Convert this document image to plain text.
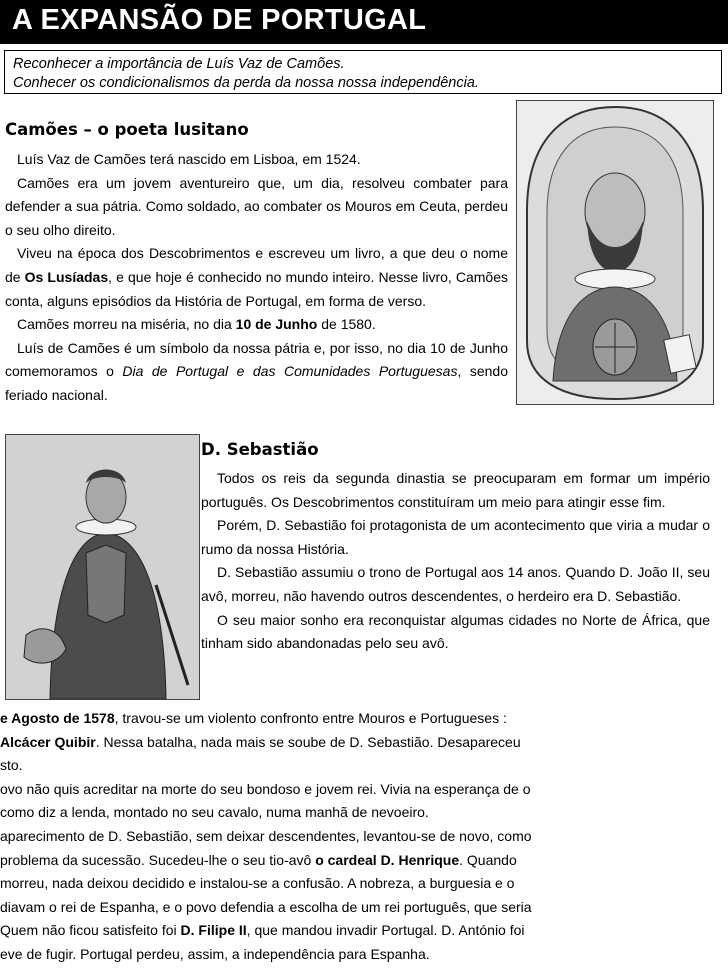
A EXPANSÃO DE PORTUGAL
Reconhecer a importância de Luís Vaz de Camões.
Conhecer os condicionalismos da perda da nossa nossa independência.
Camões – o poeta lusitano

Luís Vaz de Camões terá nascido em Lisboa, em 1524.

Camões era um jovem aventureiro que, um dia, resolveu combater para defender a sua pátria. Como soldado, ao combater os Mouros em Ceuta, perdeu o seu olho direito.

Viveu na época dos Descobrimentos e escreveu um livro, a que deu o nome de Os Lusíadas, e que hoje é conhecido no mundo inteiro. Nesse livro, Camões conta, alguns episódios da História de Portugal, em forma de verso.

Camões morreu na miséria, no dia 10 de Junho de 1580.

Luís de Camões é um símbolo da nossa pátria e, por isso, no dia 10 de Junho comemoramos o Dia de Portugal e das Comunidades Portuguesas, sendo feriado nacional.

D. Sebastião

Todos os reis da segunda dinastia se preocuparam em formar um império português. Os Descobrimentos constituíram um meio para atingir esse fim.

Porém, D. Sebastião foi protagonista de um acontecimento que viria a mudar o rumo da nossa História.

D. Sebastião assumiu o trono de Portugal aos 14 anos. Quando D. João II, seu avô, morreu, não havendo outros descendentes, o herdeiro era D. Sebastião.

O seu maior sonho era reconquistar algumas cidades no Norte de África, que tinham sido abandonadas pelo seu avô.

e Agosto de 1578, travou-se um violento confronto entre Mouros e Portugueses :

Alcácer Quibir. Nessa batalha, nada mais se soube de D. Sebastião. Desapareceu

sto.

ovo não quis acreditar na morte do seu bondoso e jovem rei. Vivia na esperança de o

como diz a lenda, montado no seu cavalo, numa manhã de nevoeiro.

aparecimento de D. Sebastião, sem deixar descendentes, levantou-se de novo, como

problema da sucessão. Sucedeu-lhe o seu tio-avô o cardeal D. Henrique. Quando

morreu, nada deixou decidido e instalou-se a confusão. A nobreza, a burguesia e o

diavam o rei de Espanha, e o povo defendia a escolha de um rei português, que seria

Quem não ficou satisfeito foi D. Filipe II, que mandou invadir Portugal. D. António foi

eve de fugir. Portugal perdeu, assim, a independência para Espanha.
